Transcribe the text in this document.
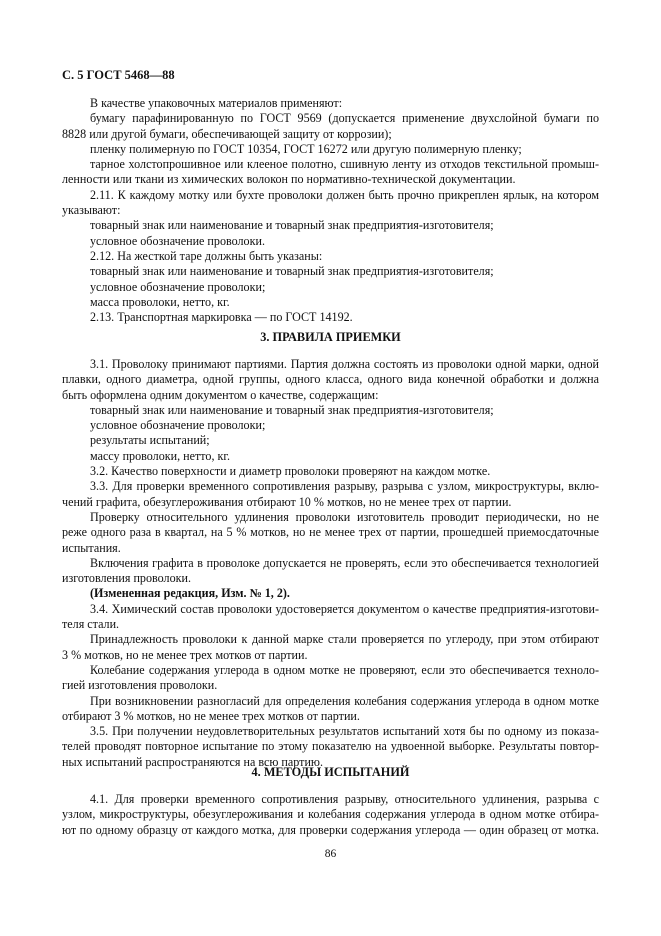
С. 5 ГОСТ 5468—88
В качестве упаковочных материалов применяют:
бумагу парафинированную по ГОСТ 9569 (допускается применение двухслойной бумаги по
8828 или другой бумаги, обеспечивающей защиту от коррозии);
пленку полимерную по ГОСТ 10354, ГОСТ 16272 или другую полимерную пленку;
тарное холстопрошивное или клееное полотно, сшивную ленту из отходов текстильной промыш-
ленности или ткани из химических волокон по нормативно-технической документации.
2.11. К каждому мотку или бухте проволоки должен быть прочно прикреплен ярлык, на котором
указывают:
товарный знак или наименование и товарный знак предприятия-изготовителя;
условное обозначение проволоки.
2.12. На жесткой таре должны быть указаны:
товарный знак или наименование и товарный знак предприятия-изготовителя;
условное обозначение проволоки;
масса проволоки, нетто, кг.
2.13. Транспортная маркировка — по ГОСТ 14192.
3. ПРАВИЛА ПРИЕМКИ
3.1. Проволоку принимают партиями. Партия должна состоять из проволоки одной марки, одной
плавки, одного диаметра, одной группы, одного класса, одного вида конечной обработки и должна
быть оформлена одним документом о качестве, содержащим:
товарный знак или наименование и товарный знак предприятия-изготовителя;
условное обозначение проволоки;
результаты испытаний;
массу проволоки, нетто, кг.
3.2. Качество поверхности и диаметр проволоки проверяют на каждом мотке.
3.3. Для проверки временного сопротивления разрыву, разрыва с узлом, микроструктуры, вклю-
чений графита, обезуглероживания отбирают 10 % мотков, но не менее трех от партии.
Проверку относительного удлинения проволоки изготовитель проводит периодически, но не
реже одного раза в квартал, на 5 % мотков, но не менее трех от партии, прошедшей приемосдаточные
испытания.
Включения графита в проволоке допускается не проверять, если это обеспечивается технологией
изготовления проволоки.
(Измененная редакция, Изм. № 1, 2).
3.4. Химический состав проволоки удостоверяется документом о качестве предприятия-изготови-
теля стали.
Принадлежность проволоки к данной марке стали проверяется по углероду, при этом отбирают
3 % мотков, но не менее трех мотков от партии.
Колебание содержания углерода в одном мотке не проверяют, если это обеспечивается техноло-
гией изготовления проволоки.
При возникновении разногласий для определения колебания содержания углерода в одном мотке
отбирают 3 % мотков, но не менее трех мотков от партии.
3.5. При получении неудовлетворительных результатов испытаний хотя бы по одному из показа-
телей проводят повторное испытание по этому показателю на удвоенной выборке. Результаты повтор-
ных испытаний распространяются на всю партию.
4. МЕТОДЫ ИСПЫТАНИЙ
4.1. Для проверки временного сопротивления разрыву, относительного удлинения, разрыва с
узлом, микроструктуры, обезуглероживания и колебания содержания углерода в одном мотке отбира-
ют по одному образцу от каждого мотка, для проверки содержания углерода — один образец от мотка.
86
